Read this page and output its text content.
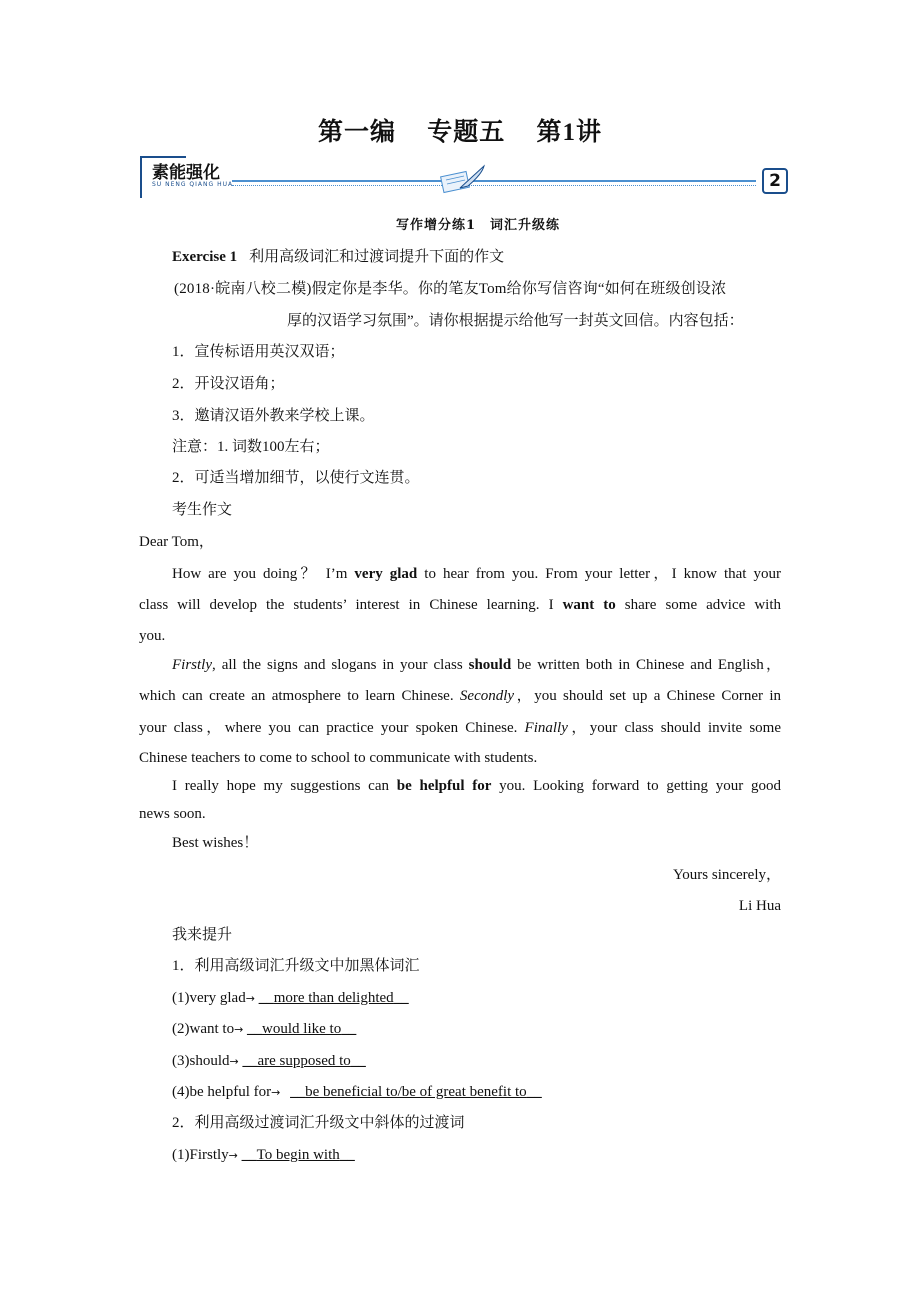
第一编 专题五 第1讲
素能强化
SU NENG QIANG HUA	2
写作增分练1　词汇升级练
Exercise 1 利用高级词汇和过渡词提升下面的作文
(2018·皖南八校二模)假定你是李华。你的笔友Tom给你写信咨询“如何在班级创设浓
厚的汉语学习氛围”。请你根据提示给他写一封英文回信。内容包括：
1．宣传标语用英汉双语；
2．开设汉语角；
3．邀请汉语外教来学校上课。
注意：1. 词数100左右；
2．可适当增加细节，以使行文连贯。
考生作文
Dear Tom，
How are you doing？ I’m very glad to hear from you. From your letter，I know that your
class will develop the students’ interest in Chinese learning. I want to share some advice with
you.
Firstly, all the signs and slogans in your class should be written both in Chinese and English，
which can create an atmosphere to learn Chinese. Secondly，you should set up a Chinese Corner in
your class，where you can practice your spoken Chinese. Finally，your class should invite some
Chinese teachers to come to school to communicate with students.
I really hope my suggestions can be helpful for you. Looking forward to getting your good
news soon.
Best wishes！
Yours sincerely，
Li Hua
我来提升
1．利用高级词汇升级文中加黑体词汇
(1)very glad→ __more than delighted__
(2)want to→ __would like to__
(3)should→ __are supposed to__
(4)be helpful for→ __be beneficial to/be of great benefit to__
2．利用高级过渡词汇升级文中斜体的过渡词
(1)Firstly→ __To begin with__
